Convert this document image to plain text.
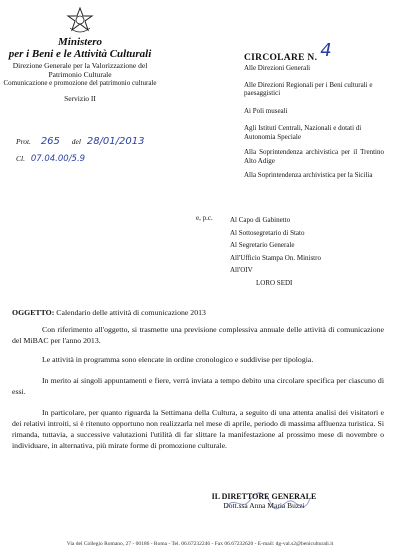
Ministero
per i Beni e le Attività Culturali
Direzione Generale per la Valorizzazione del
Patrimonio Culturale
Comunicazione e promozione del patrimonio culturale
Servizio II
Prot. 265 del 28/01/2013
Cl. 07.04.00/5.9
CIRCOLARE N. 4
Alle Direzioni Generali
Alle Direzioni Regionali per i Beni culturali e paesaggistici
Ai Poli museali
Agli Istituti Centrali, Nazionali e dotati di Autonomia Speciale
Alla Soprintendenza archivistica per il Trentino Alto Adige
Alla Soprintendenza archivistica per la Sicilia
e, p.c.	Al Capo di Gabinetto
Al Sottosegretario di Stato
Al Segretario Generale
All'Ufficio Stampa On. Ministro
All'OIV
LORO SEDI
OGGETTO: Calendario delle attività di comunicazione 2013
Con riferimento all'oggetto, si trasmette una previsione complessiva annuale delle attività di comunicazione del MiBAC per l'anno 2013.
Le attività in programma sono elencate in ordine cronologico e suddivise per tipologia.
In merito ai singoli appuntamenti e fiere, verrà inviata a tempo debito una circolare specifica per ciascuno di essi.
In particolare, per quanto riguarda la Settimana della Cultura, a seguito di una attenta analisi dei visitatori e dei relativi introiti, si è ritenuto opportuno non realizzarla nel mese di aprile, periodo di massima affluenza turistica. Si rimanda, tuttavia, a successive valutazioni l'utilità di far slittare la manifestazione al prossimo mese di novembre o individuare, in alternativa, più mirate forme di promozione culturale.
IL DIRETTORE GENERALE
Dott.ssa Anna Maria Buzzi
Via del Collegio Romano, 27 - 00186 - Roma - Tel. 06.67232246 - Fax 06.67232620 - E-mail: dg-val.s2@beniculturali.it
